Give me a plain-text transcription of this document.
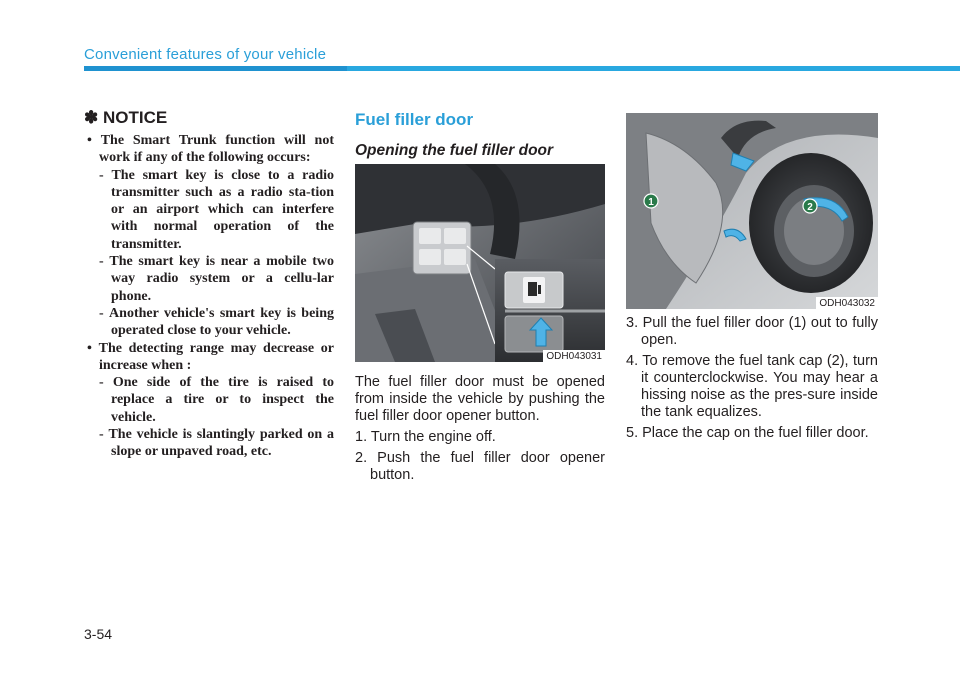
Convenient features of your vehicle
✽ NOTICE

• The Smart Trunk function will not work if any of the following occurs:

- The smart key is close to a radio transmitter such as a radio sta-tion or an airport which can interfere with normal operation of the transmitter.

- The smart key is near a mobile two way radio system or a cellu-lar phone.

- Another vehicle's smart key is being operated close to your vehicle.

• The detecting range may decrease or increase when :

- One side of the tire is raised to replace a tire or to inspect the vehicle.

- The vehicle is slantingly parked on a slope or unpaved road, etc.

Fuel filler door

Opening the fuel filler door

ODH043031

The fuel filler door must be opened from inside the vehicle by pushing the fuel filler door opener button.

1. Turn the engine off.

2. Push the fuel filler door opener button.

1	2
ODH043032

3. Pull the fuel filler door (1) out to fully open.

4. To remove the fuel tank cap (2), turn it counterclockwise. You may hear a hissing noise as the pres-sure inside the tank equalizes.

5. Place the cap on the fuel filler door.

3-54
